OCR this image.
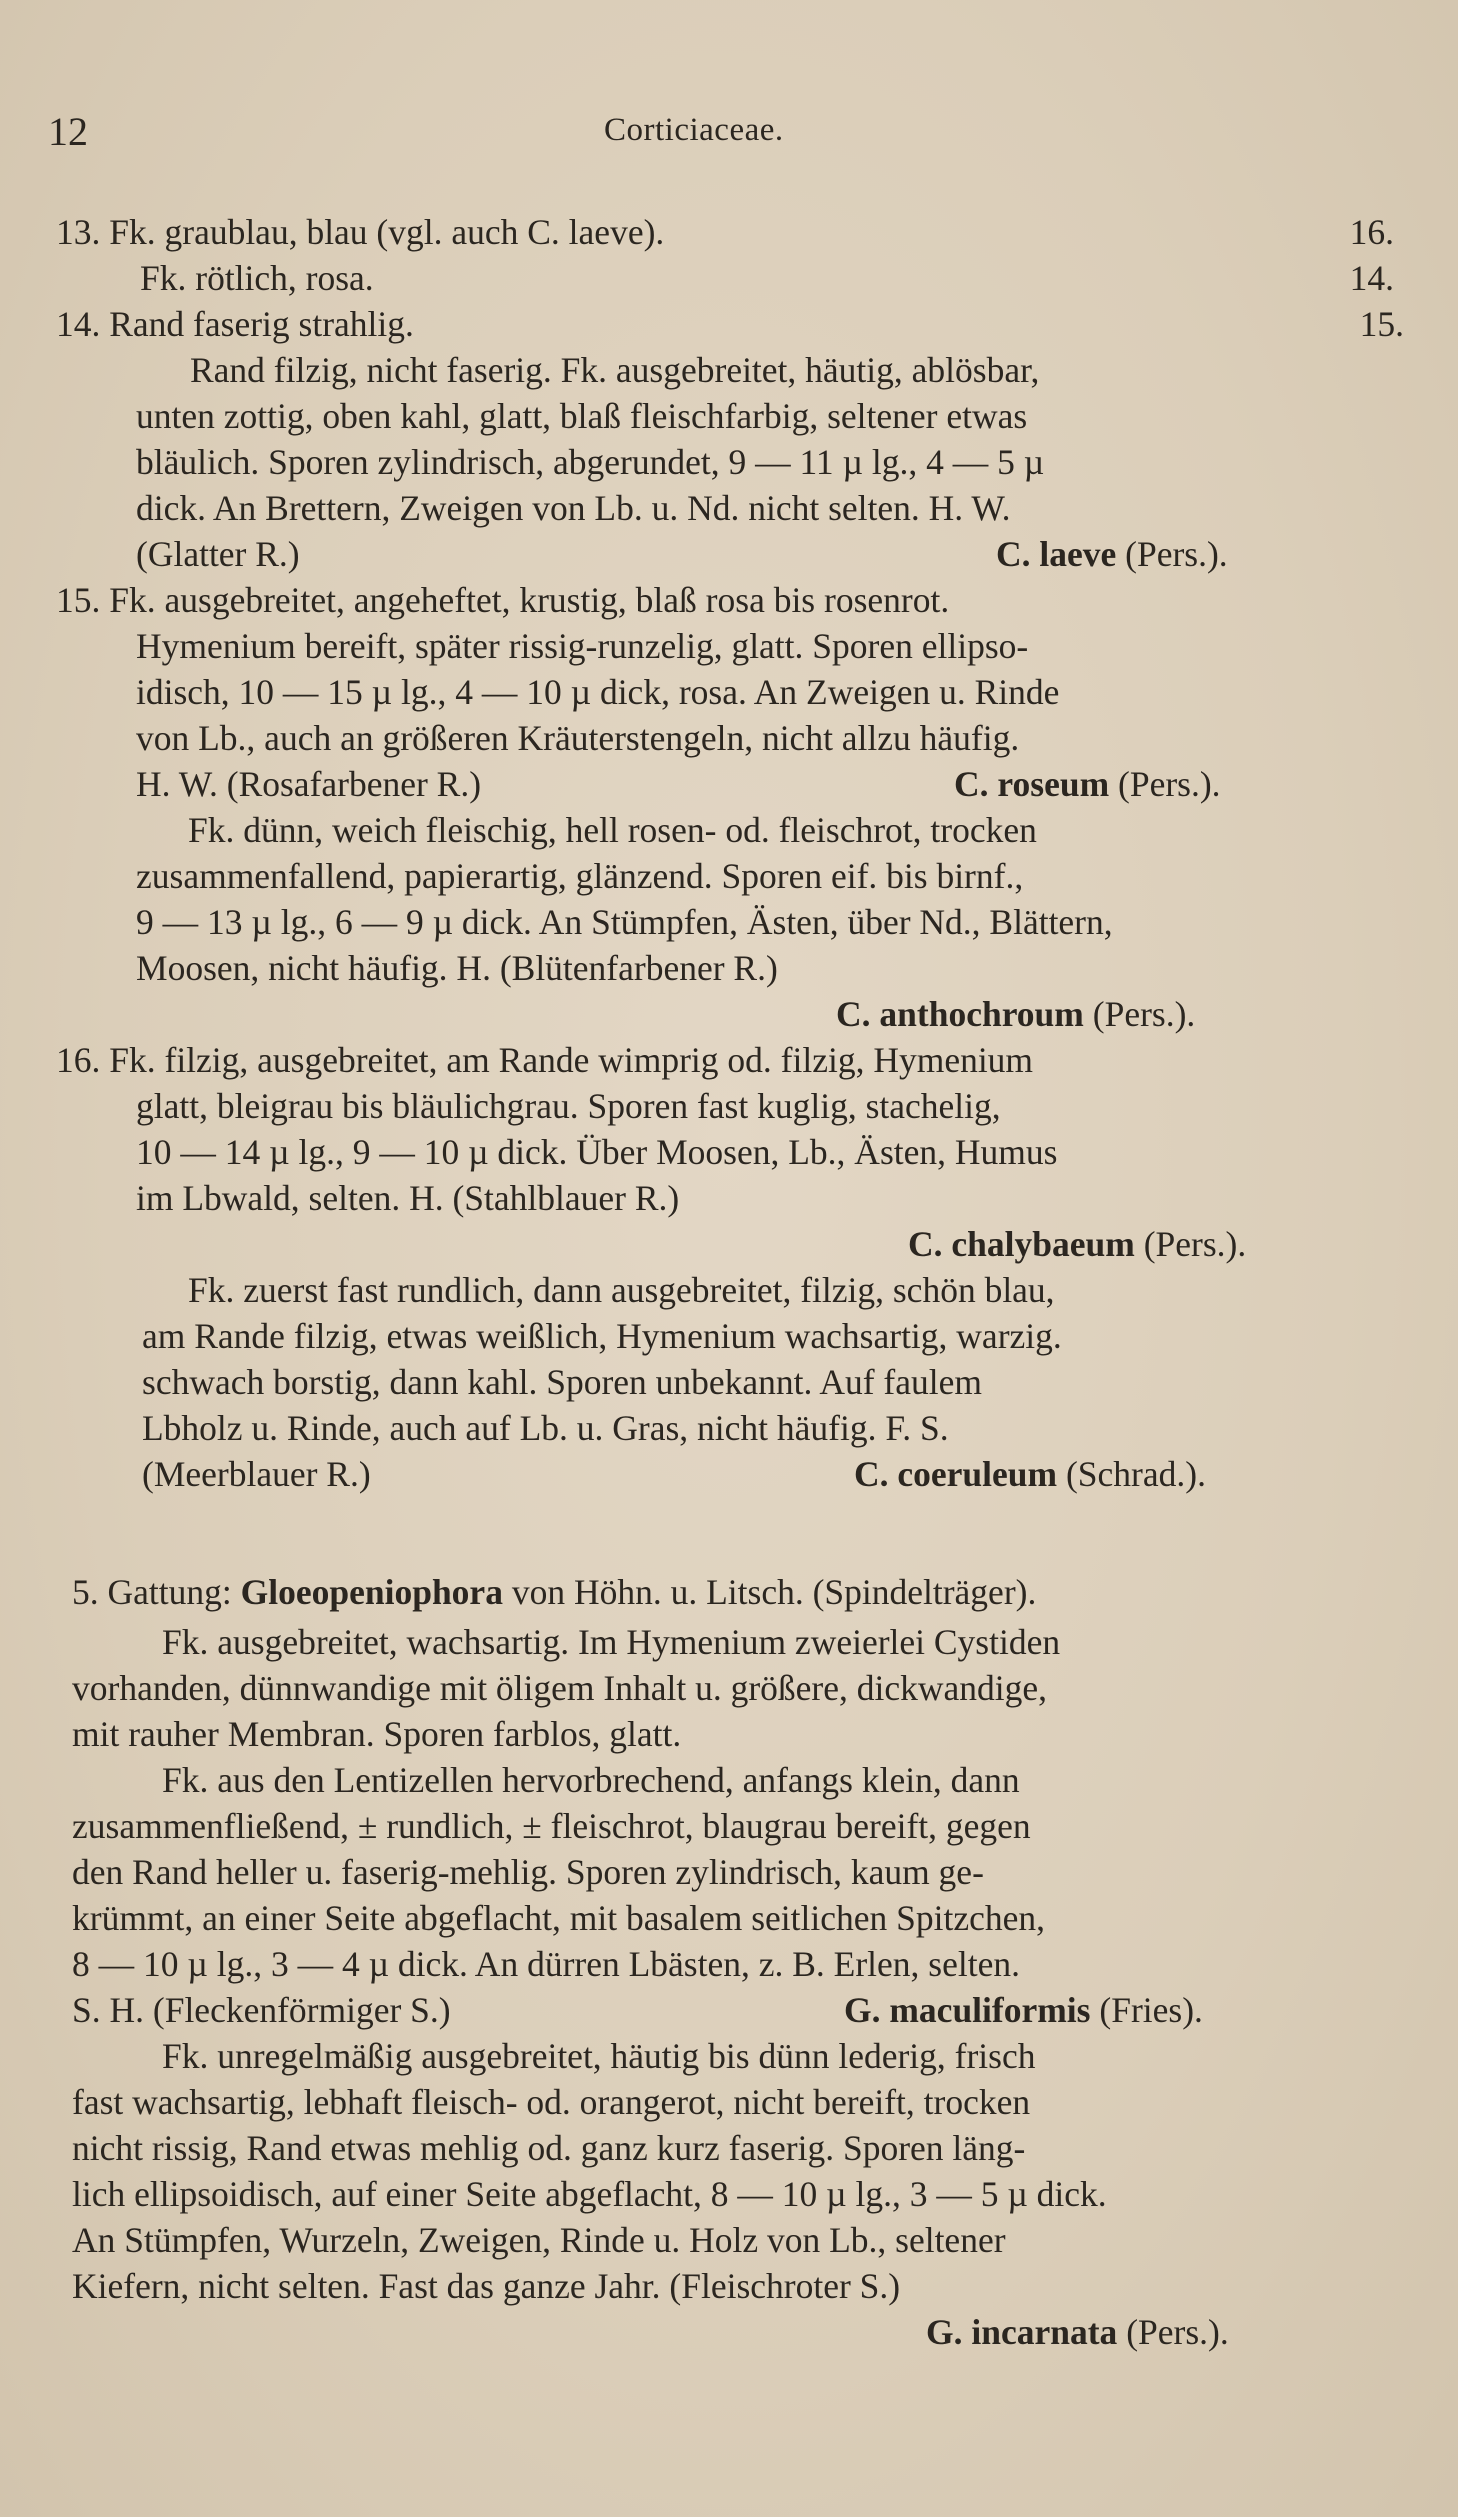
12	Corticiaceae.
13. Fk. graublau, blau (vgl. auch C. laeve).	16.
Fk. rötlich, rosa.	14.
14. Rand faserig strahlig.	15.
Rand filzig, nicht faserig. Fk. ausgebreitet, häutig, ablösbar,
unten zottig, oben kahl, glatt, blaß fleischfarbig, seltener etwas
bläulich. Sporen zylindrisch, abgerundet, 9 — 11 µ lg., 4 — 5 µ
dick. An Brettern, Zweigen von Lb. u. Nd. nicht selten. H. W.
(Glatter R.)	C. laeve (Pers.).
15. Fk. ausgebreitet, angeheftet, krustig, blaß rosa bis rosenrot.
Hymenium bereift, später rissig-runzelig, glatt. Sporen ellipso-
idisch, 10 — 15 µ lg., 4 — 10 µ dick, rosa. An Zweigen u. Rinde
von Lb., auch an größeren Kräuterstengeln, nicht allzu häufig.
H. W. (Rosafarbener R.)	C. roseum (Pers.).
Fk. dünn, weich fleischig, hell rosen- od. fleischrot, trocken
zusammenfallend, papierartig, glänzend. Sporen eif. bis birnf.,
9 — 13 µ lg., 6 — 9 µ dick. An Stümpfen, Ästen, über Nd., Blättern,
Moosen, nicht häufig. H. (Blütenfarbener R.)
C. anthochroum (Pers.).
16. Fk. filzig, ausgebreitet, am Rande wimprig od. filzig, Hymenium
glatt, bleigrau bis bläulichgrau. Sporen fast kuglig, stachelig,
10 — 14 µ lg., 9 — 10 µ dick. Über Moosen, Lb., Ästen, Humus
im Lbwald, selten. H. (Stahlblauer R.)
C. chalybaeum (Pers.).
Fk. zuerst fast rundlich, dann ausgebreitet, filzig, schön blau,
am Rande filzig, etwas weißlich, Hymenium wachsartig, warzig.
schwach borstig, dann kahl. Sporen unbekannt. Auf faulem
Lbholz u. Rinde, auch auf Lb. u. Gras, nicht häufig. F. S.
(Meerblauer R.)	C. coeruleum (Schrad.).
5. Gattung: Gloeopeniophora von Höhn. u. Litsch. (Spindelträger).
Fk. ausgebreitet, wachsartig. Im Hymenium zweierlei Cystiden
vorhanden, dünnwandige mit öligem Inhalt u. größere, dickwandige,
mit rauher Membran. Sporen farblos, glatt.
Fk. aus den Lentizellen hervorbrechend, anfangs klein, dann
zusammenfließend, ± rundlich, ± fleischrot, blaugrau bereift, gegen
den Rand heller u. faserig-mehlig. Sporen zylindrisch, kaum ge-
krümmt, an einer Seite abgeflacht, mit basalem seitlichen Spitzchen,
8 — 10 µ lg., 3 — 4 µ dick. An dürren Lbästen, z. B. Erlen, selten.
S. H. (Fleckenförmiger S.)	G. maculiformis (Fries).
Fk. unregelmäßig ausgebreitet, häutig bis dünn lederig, frisch
fast wachsartig, lebhaft fleisch- od. orangerot, nicht bereift, trocken
nicht rissig, Rand etwas mehlig od. ganz kurz faserig. Sporen läng-
lich ellipsoidisch, auf einer Seite abgeflacht, 8 — 10 µ lg., 3 — 5 µ dick.
An Stümpfen, Wurzeln, Zweigen, Rinde u. Holz von Lb., seltener
Kiefern, nicht selten. Fast das ganze Jahr. (Fleischroter S.)
G. incarnata (Pers.).
